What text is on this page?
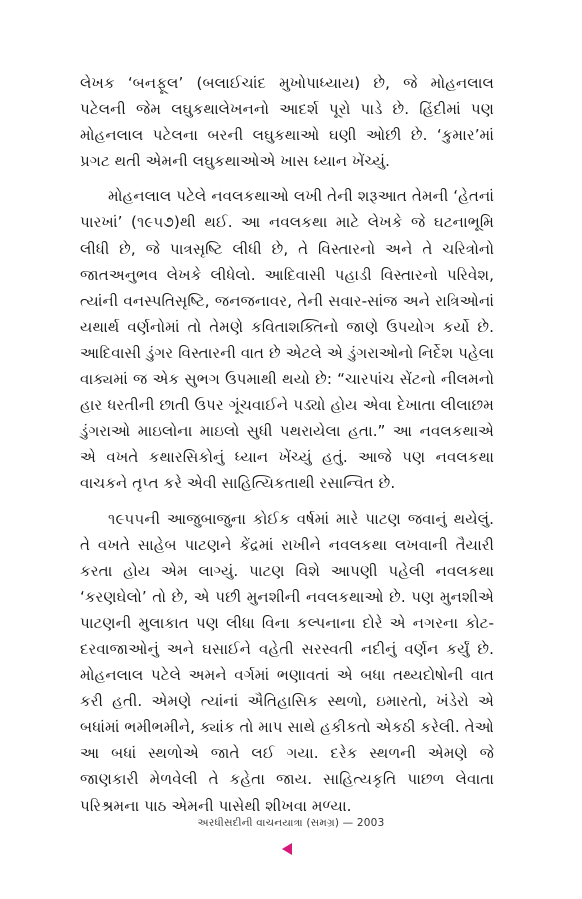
લેખક ‘બનફૂલ’ (બલાઈચાંદ મુખોપાધ્યાય) છે, જે મોહનલાલ પટેલની જેમ લઘુકથાલેખનનો આદર્શ પૂરો પાડે છે. હિંદીમાં પણ મોહનલાલ પટેલના બરની લઘુકથાઓ ઘણી ઓછી છે. ‘કુમાર’માં પ્રગટ થતી એમની લઘુકથાઓએ ખાસ ધ્યાન ખેંચ્યું.

મોહનલાલ પટેલે નવલકથાઓ લખી તેની શરૂઆત તેમની ‘હેતનાં પારખાં’ (૧૯૫૭)થી થઈ. આ નવલકથા માટે લેખકે જે ઘટનાભૂમિ લીધી છે, જે પાત્રસૃષ્ટિ લીધી છે, તે વિસ્તારનો અને તે ચરિત્રોનો જાતઅનુભવ લેખકે લીધેલો. આદિવાસી પહાડી વિસ્તારનો પરિવેશ, ત્યાંની વનસ્પતિસૃષ્ટિ, જનજનાવર, તેની સવાર-સાંજ અને રાત્રિઓનાં યથાર્થ વર્ણનોમાં તો તેમણે કવિતાશક્તિનો જાણે ઉપયોગ કર્યો છે. આદિવાસી ડુંગર વિસ્તારની વાત છે એટલે એ ડુંગરાઓનો નિર્દેશ પહેલા વાક્યમાં જ એક સુભગ ઉપમાથી થયો છે: “ચારપાંચ સેંટનો નીલમનો હાર ધરતીની છાતી ઉપર ગૂંચવાઈને પડ્યો હોય એવા દેખાતા લીલાછમ ડુંગરાઓ માઇલોના માઇલો સુધી પથરાયેલા હતા.” આ નવલકથાએ એ વખતે કથારસિકોનું ધ્યાન ખેંચ્યું હતું. આજે પણ નવલકથા વાચકને તૃપ્ત કરે એવી સાહિત્યિકતાથી રસાન્વિત છે.

૧૯૫૫ની આજુબાજુના કોઈક વર્ષમાં મારે પાટણ જવાનું થયેલું. તે વખતે સાહેબ પાટણને કેંદ્રમાં રાખીને નવલકથા લખવાની તૈયારી કરતા હોય એમ લાગ્યું. પાટણ વિશે આપણી પહેલી નવલકથા ‘કરણઘેલો’ તો છે, એ પછી મુનશીની નવલકથાઓ છે. પણ મુનશીએ પાટણની મુલાકાત પણ લીધા વિના કલ્પનાના દોરે એ નગરના કોટ-દરવાજાઓનું અને ઘસાઈને વહેતી સરસ્વતી નદીનું વર્ણન કર્યું છે. મોહનલાલ પટેલે અમને વર્ગમાં ભણાવતાં એ બધા તથ્યદોષોની વાત કરી હતી. એમણે ત્યાંનાં ઐતિહાસિક સ્થળો, ઇમારતો, ખંડેરો એ બધાંમાં ભમીભમીને, ક્યાંક તો માપ સાથે હકીકતો એકઠી કરેલી. તેઓ આ બધાં સ્થળોએ જાતે લઈ ગયા. દરેક સ્થળની એમણે જે જાણકારી મેળવેલી તે કહેતા જાય. સાહિત્યકૃતિ પાછળ લેવાતા પરિશ્રમના પાઠ એમની પાસેથી શીખવા મળ્યા.

અરધીસદીની વાચનયાત્રા (સમગ્ર) — 2003
